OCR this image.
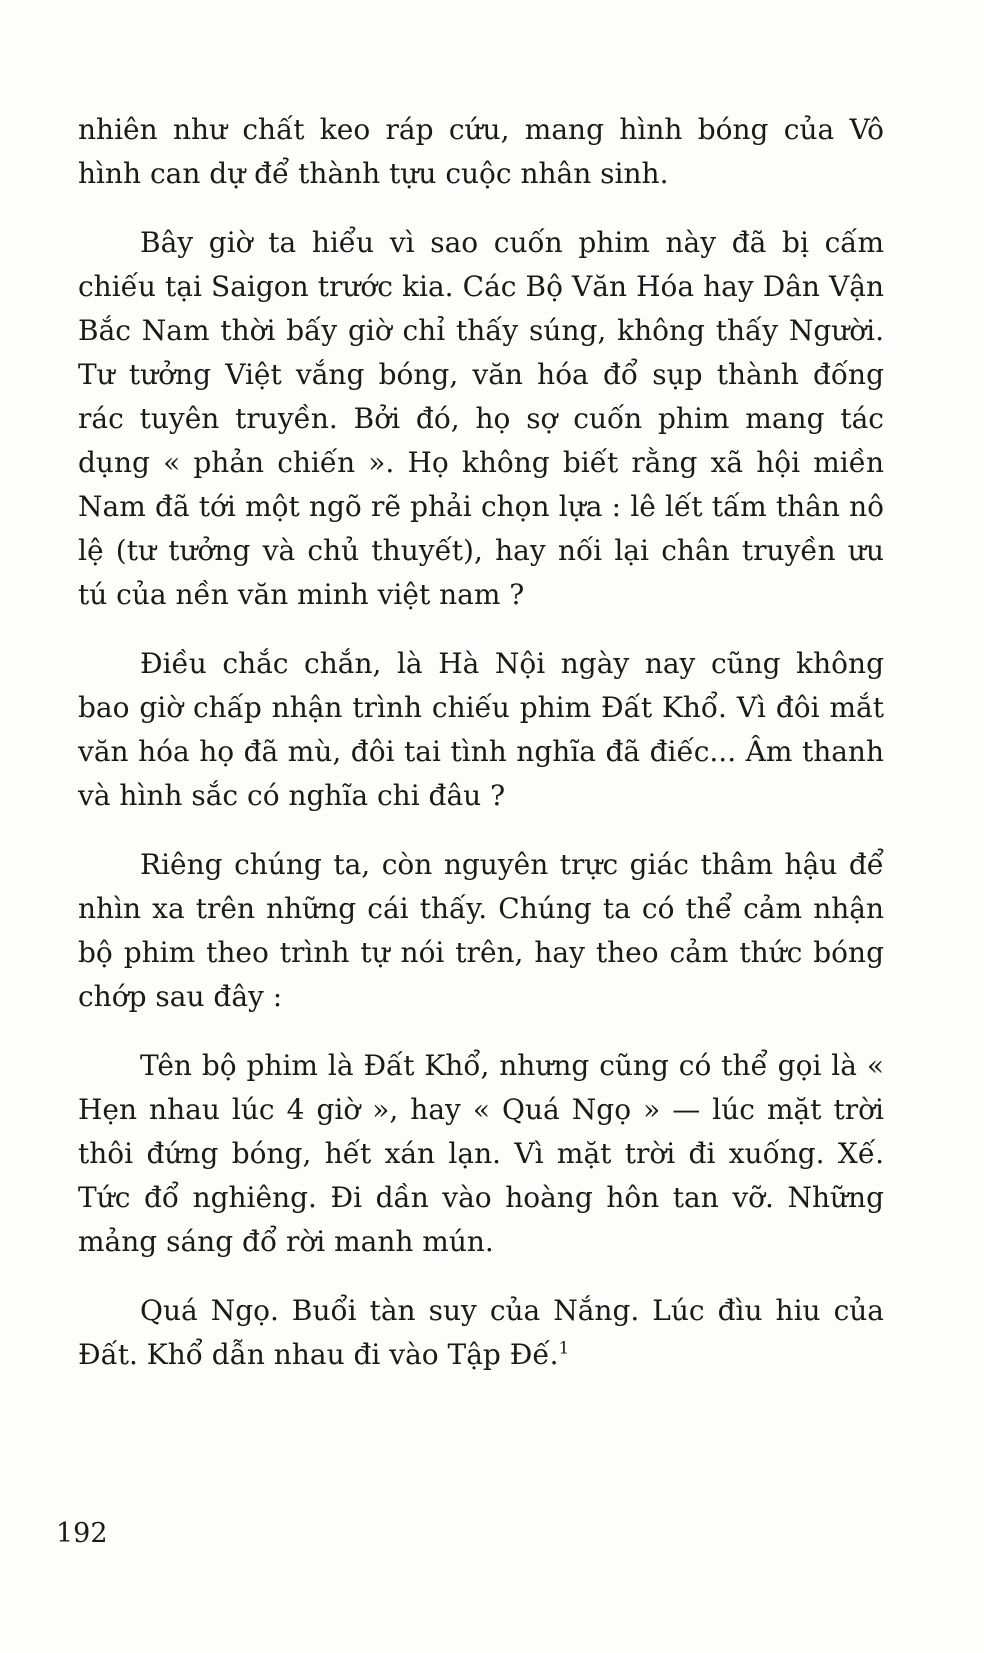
nhiên như chất keo ráp cứu, mang hình bóng của Vô hình can dự để thành tựu cuộc nhân sinh.

Bây giờ ta hiểu vì sao cuốn phim này đã bị cấm chiếu tại Saigon trước kia. Các Bộ Văn Hóa hay Dân Vận Bắc Nam thời bấy giờ chỉ thấy súng, không thấy Người. Tư tưởng Việt vắng bóng, văn hóa đổ sụp thành đống rác tuyên truyền. Bởi đó, họ sợ cuốn phim mang tác dụng « phản chiến ». Họ không biết rằng xã hội miền Nam đã tới một ngõ rẽ phải chọn lựa : lê lết tấm thân nô lệ (tư tưởng và chủ thuyết), hay nối lại chân truyền ưu tú của nền văn minh việt nam ?

Điều chắc chắn, là Hà Nội ngày nay cũng không bao giờ chấp nhận trình chiếu phim Đất Khổ. Vì đôi mắt văn hóa họ đã mù, đôi tai tình nghĩa đã điếc... Âm thanh và hình sắc có nghĩa chi đâu ?

Riêng chúng ta, còn nguyên trực giác thâm hậu để nhìn xa trên những cái thấy. Chúng ta có thể cảm nhận bộ phim theo trình tự nói trên, hay theo cảm thức bóng chớp sau đây :

Tên bộ phim là Đất Khổ, nhưng cũng có thể gọi là « Hẹn nhau lúc 4 giờ », hay « Quá Ngọ » — lúc mặt trời thôi đứng bóng, hết xán lạn. Vì mặt trời đi xuống. Xế. Tức đổ nghiêng. Đi dần vào hoàng hôn tan vỡ. Những mảng sáng đổ rời manh mún.

Quá Ngọ. Buổi tàn suy của Nắng. Lúc đìu hiu của Đất. Khổ dẫn nhau đi vào Tập Đế.$^1$

192
